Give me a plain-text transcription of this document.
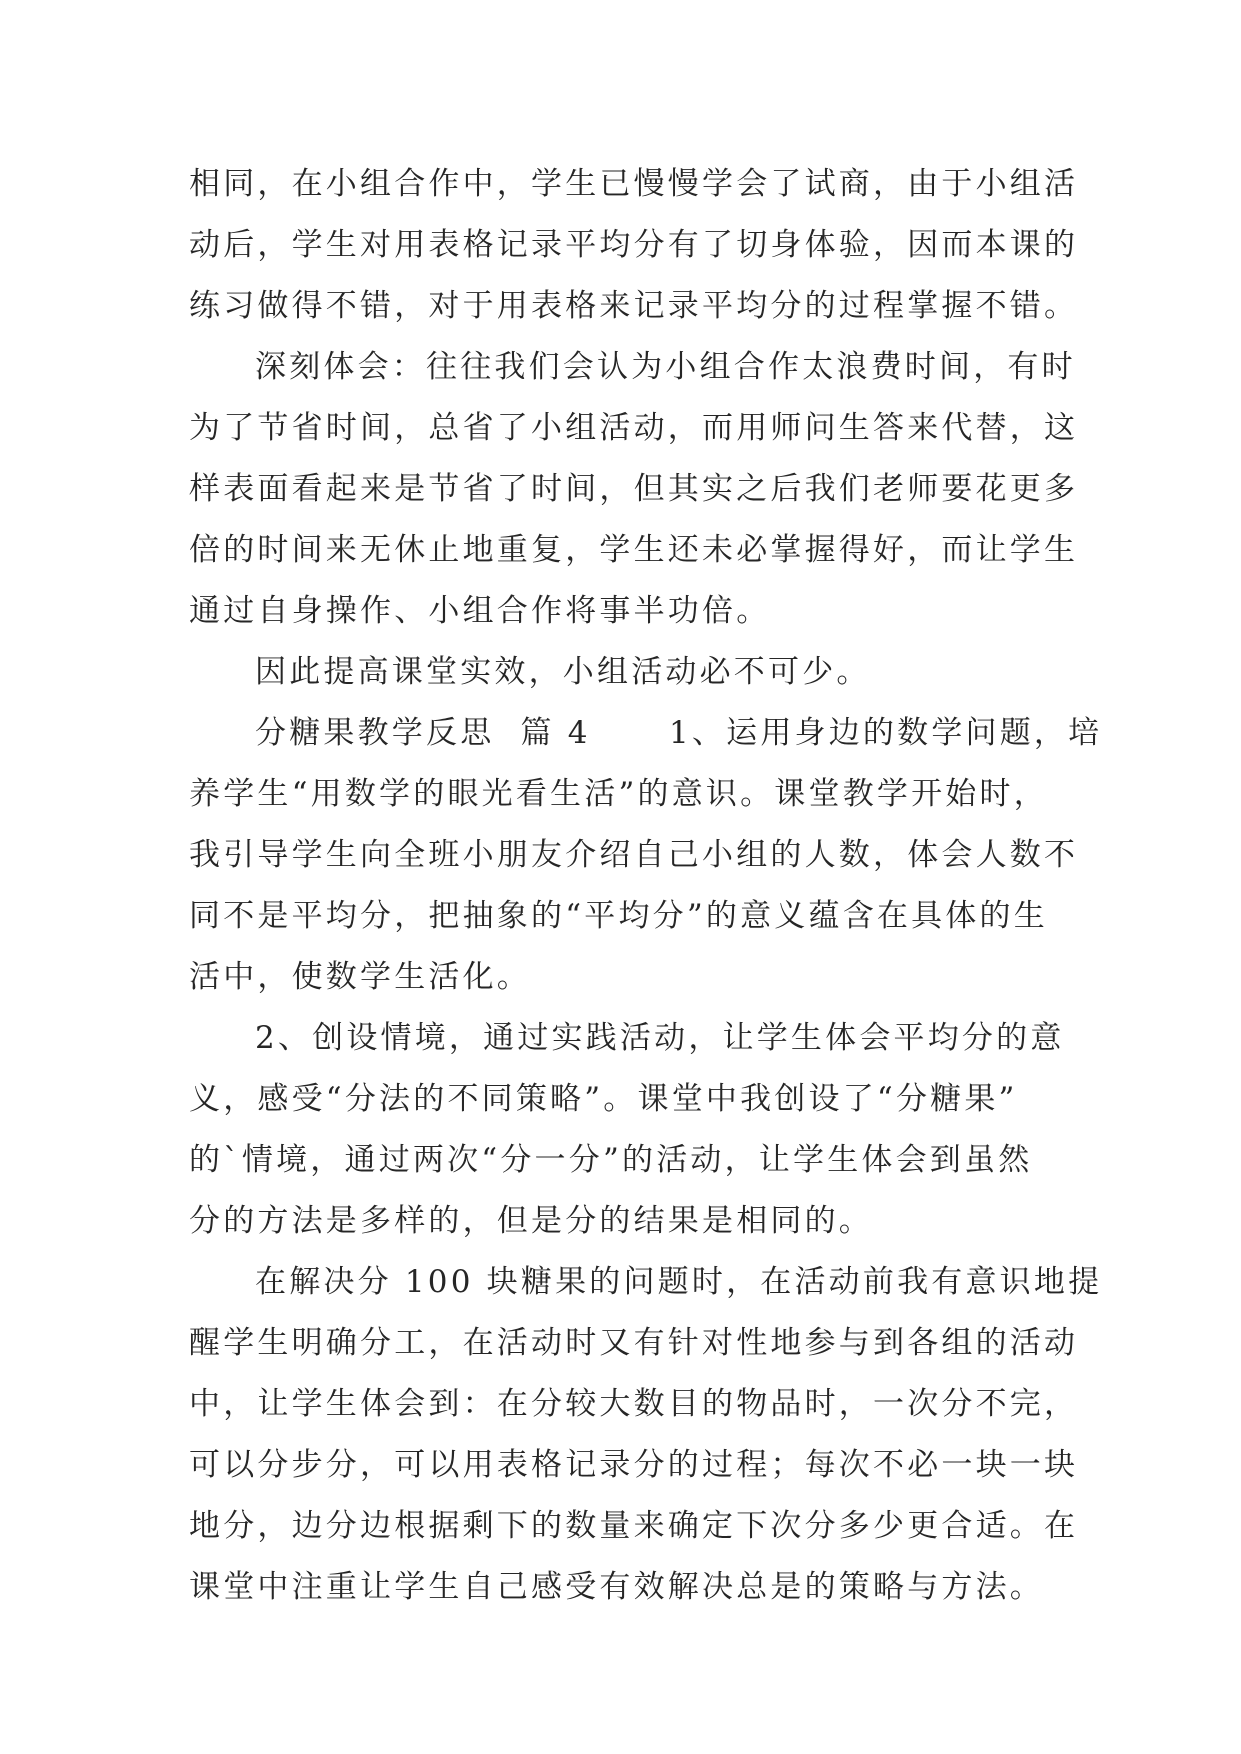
相同，在小组合作中，学生已慢慢学会了试商，由于小组活
动后，学生对用表格记录平均分有了切身体验，因而本课的
练习做得不错，对于用表格来记录平均分的过程掌握不错。
深刻体会：往往我们会认为小组合作太浪费时间，有时
为了节省时间，总省了小组活动，而用师问生答来代替，这
样表面看起来是节省了时间，但其实之后我们老师要花更多
倍的时间来无休止地重复，学生还未必掌握得好，而让学生
通过自身操作、小组合作将事半功倍。
因此提高课堂实效，小组活动必不可少。
分糖果教学反思  篇 4      1、运用身边的数学问题，培
养学生“用数学的眼光看生活”的意识。课堂教学开始时，
我引导学生向全班小朋友介绍自己小组的人数，体会人数不
同不是平均分，把抽象的“平均分”的意义蕴含在具体的生
活中，使数学生活化。
2、创设情境，通过实践活动，让学生体会平均分的意
义，感受“分法的不同策略”。课堂中我创设了“分糖果”
的`情境，通过两次“分一分”的活动，让学生体会到虽然
分的方法是多样的，但是分的结果是相同的。
在解决分 100 块糖果的问题时，在活动前我有意识地提
醒学生明确分工，在活动时又有针对性地参与到各组的活动
中，让学生体会到：在分较大数目的物品时，一次分不完，
可以分步分，可以用表格记录分的过程；每次不必一块一块
地分，边分边根据剩下的数量来确定下次分多少更合适。在
课堂中注重让学生自己感受有效解决总是的策略与方法。
